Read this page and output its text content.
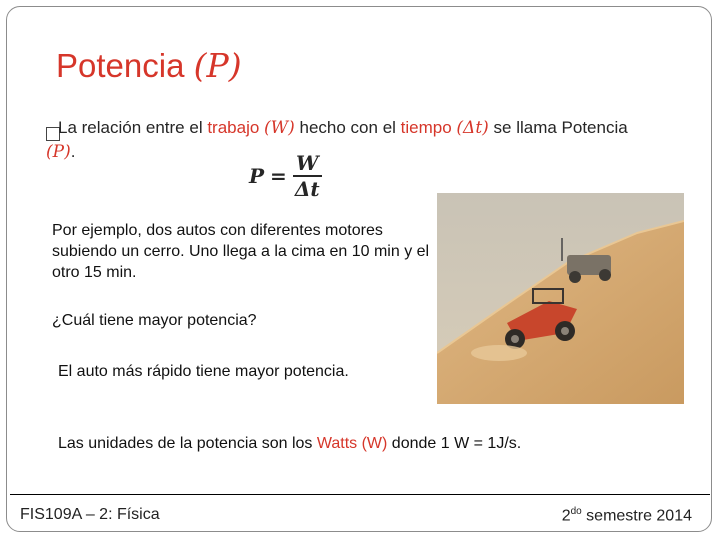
Potencia (P)
La relación entre el trabajo (W) hecho con el tiempo (Δt) se llama Potencia (P).
$P = \frac{W}{\Delta t}$
Por ejemplo, dos autos con diferentes motores subiendo un cerro. Uno llega a la cima en 10 min y el otro 15 min.
¿Cuál tiene mayor potencia?
El auto más rápido tiene mayor potencia.
Las unidades de la potencia son los Watts (W) donde 1 W = 1J/s.
FIS109A – 2: Física	$2^{do}$ semestre 2014
